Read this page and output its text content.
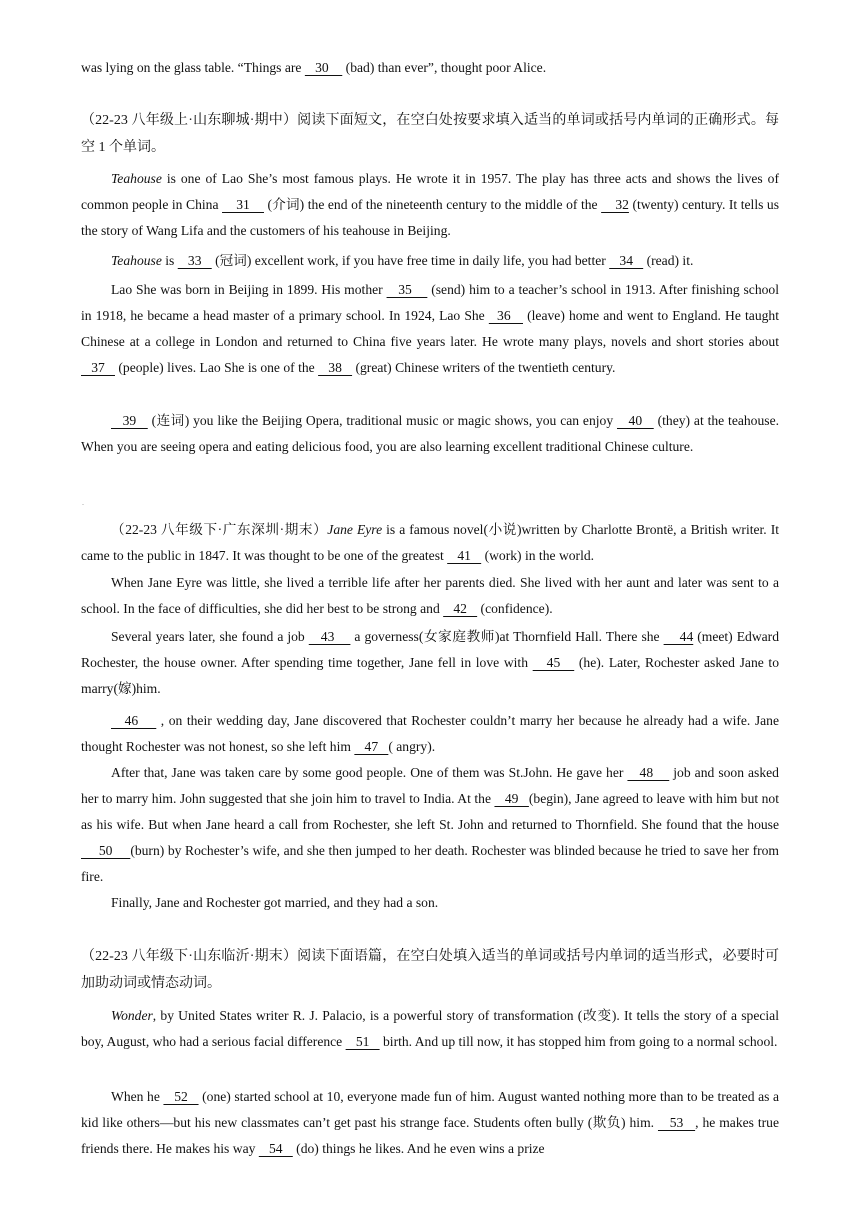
was lying on the glass table. “Things are    30     (bad) than ever”, thought poor Alice.
（22-23 八年级上·山东聊城·期中）阅读下面短文，在空白处按要求填入适当的单词或括号内单词的正确形式。每空 1 个单词。
Teahouse is one of Lao She’s most famous plays. He wrote it in 1957. The play has three acts and shows the lives of common people in China     31     (介词) the end of the nineteenth century to the middle of the     32 (twenty) century. It tells us the story of Wang Lifa and the customers of his teahouse in Beijing.
Teahouse is    33    (冠词) excellent work, if you have free time in daily life, you had better    34    (read) it.
Lao She was born in Beijing in 1899. His mother    35     (send) him to a teacher’s school in 1913. After finishing school in 1918, he became a head master of a primary school. In 1924, Lao She   36    (leave) home and went to England. He taught Chinese at a college in London and returned to China five years later. He wrote many plays, novels and short stories about    37    (people) lives. Lao She is one of the    38    (great) Chinese writers of the twentieth century.
39    (连词) you like the Beijing Opera, traditional music or magic shows, you can enjoy    40    (they) at the teahouse. When you are seeing opera and eating delicious food, you are also learning excellent traditional Chinese culture.
.
（22-23 八年级下·广东深圳·期末）Jane Eyre is a famous novel(小说)written by Charlotte Brontë, a British writer. It came to the public in 1847. It was thought to be one of the greatest    41    (work) in the world.
When Jane Eyre was little, she lived a terrible life after her parents died. She lived with her aunt and later was sent to a school. In the face of difficulties, she did her best to be strong and    42    (confidence).
Several years later, she found a job    43     a governess(女家庭教师)at Thornfield Hall. There she     44 (meet) Edward Rochester, the house owner. After spending time together, Jane fell in love with    45    (he). Later, Rochester asked Jane to marry(嫁)him.
46     , on their wedding day, Jane discovered that Rochester couldn’t marry her because he already had a wife. Jane thought Rochester was not honest, so she left him    47   ( angry).
After that, Jane was taken care by some good people. One of them was St.John. He gave her    48     job and soon asked her to marry him. John suggested that she join him to travel to India. At the    49   (begin), Jane agreed to leave with him but not as his wife. But when Jane heard a call from Rochester, she left St. John and returned to Thornfield. She found that the house      50     (burn) by Rochester’s wife, and she then jumped to her death. Rochester was blinded because he tried to save her from fire.
Finally, Jane and Rochester got married, and they had a son.
（22-23 八年级下·山东临沂·期末）阅读下面语篇，在空白处填入适当的单词或括号内单词的适当形式，必要时可加助动词或情态动词。
Wonder, by United States writer R. J. Palacio, is a powerful story of transformation (改变). It tells the story of a special boy, August, who had a serious facial difference    51    birth. And up till now, it has stopped him from going to a normal school.
When he    52    (one) started school at 10, everyone made fun of him. August wanted nothing more than to be treated as a kid like others—but his new classmates can’t get past his strange face. Students often bully (欺负) him.    53   , he makes true friends there. He makes his way    54    (do) things he likes. And he even wins a prize
